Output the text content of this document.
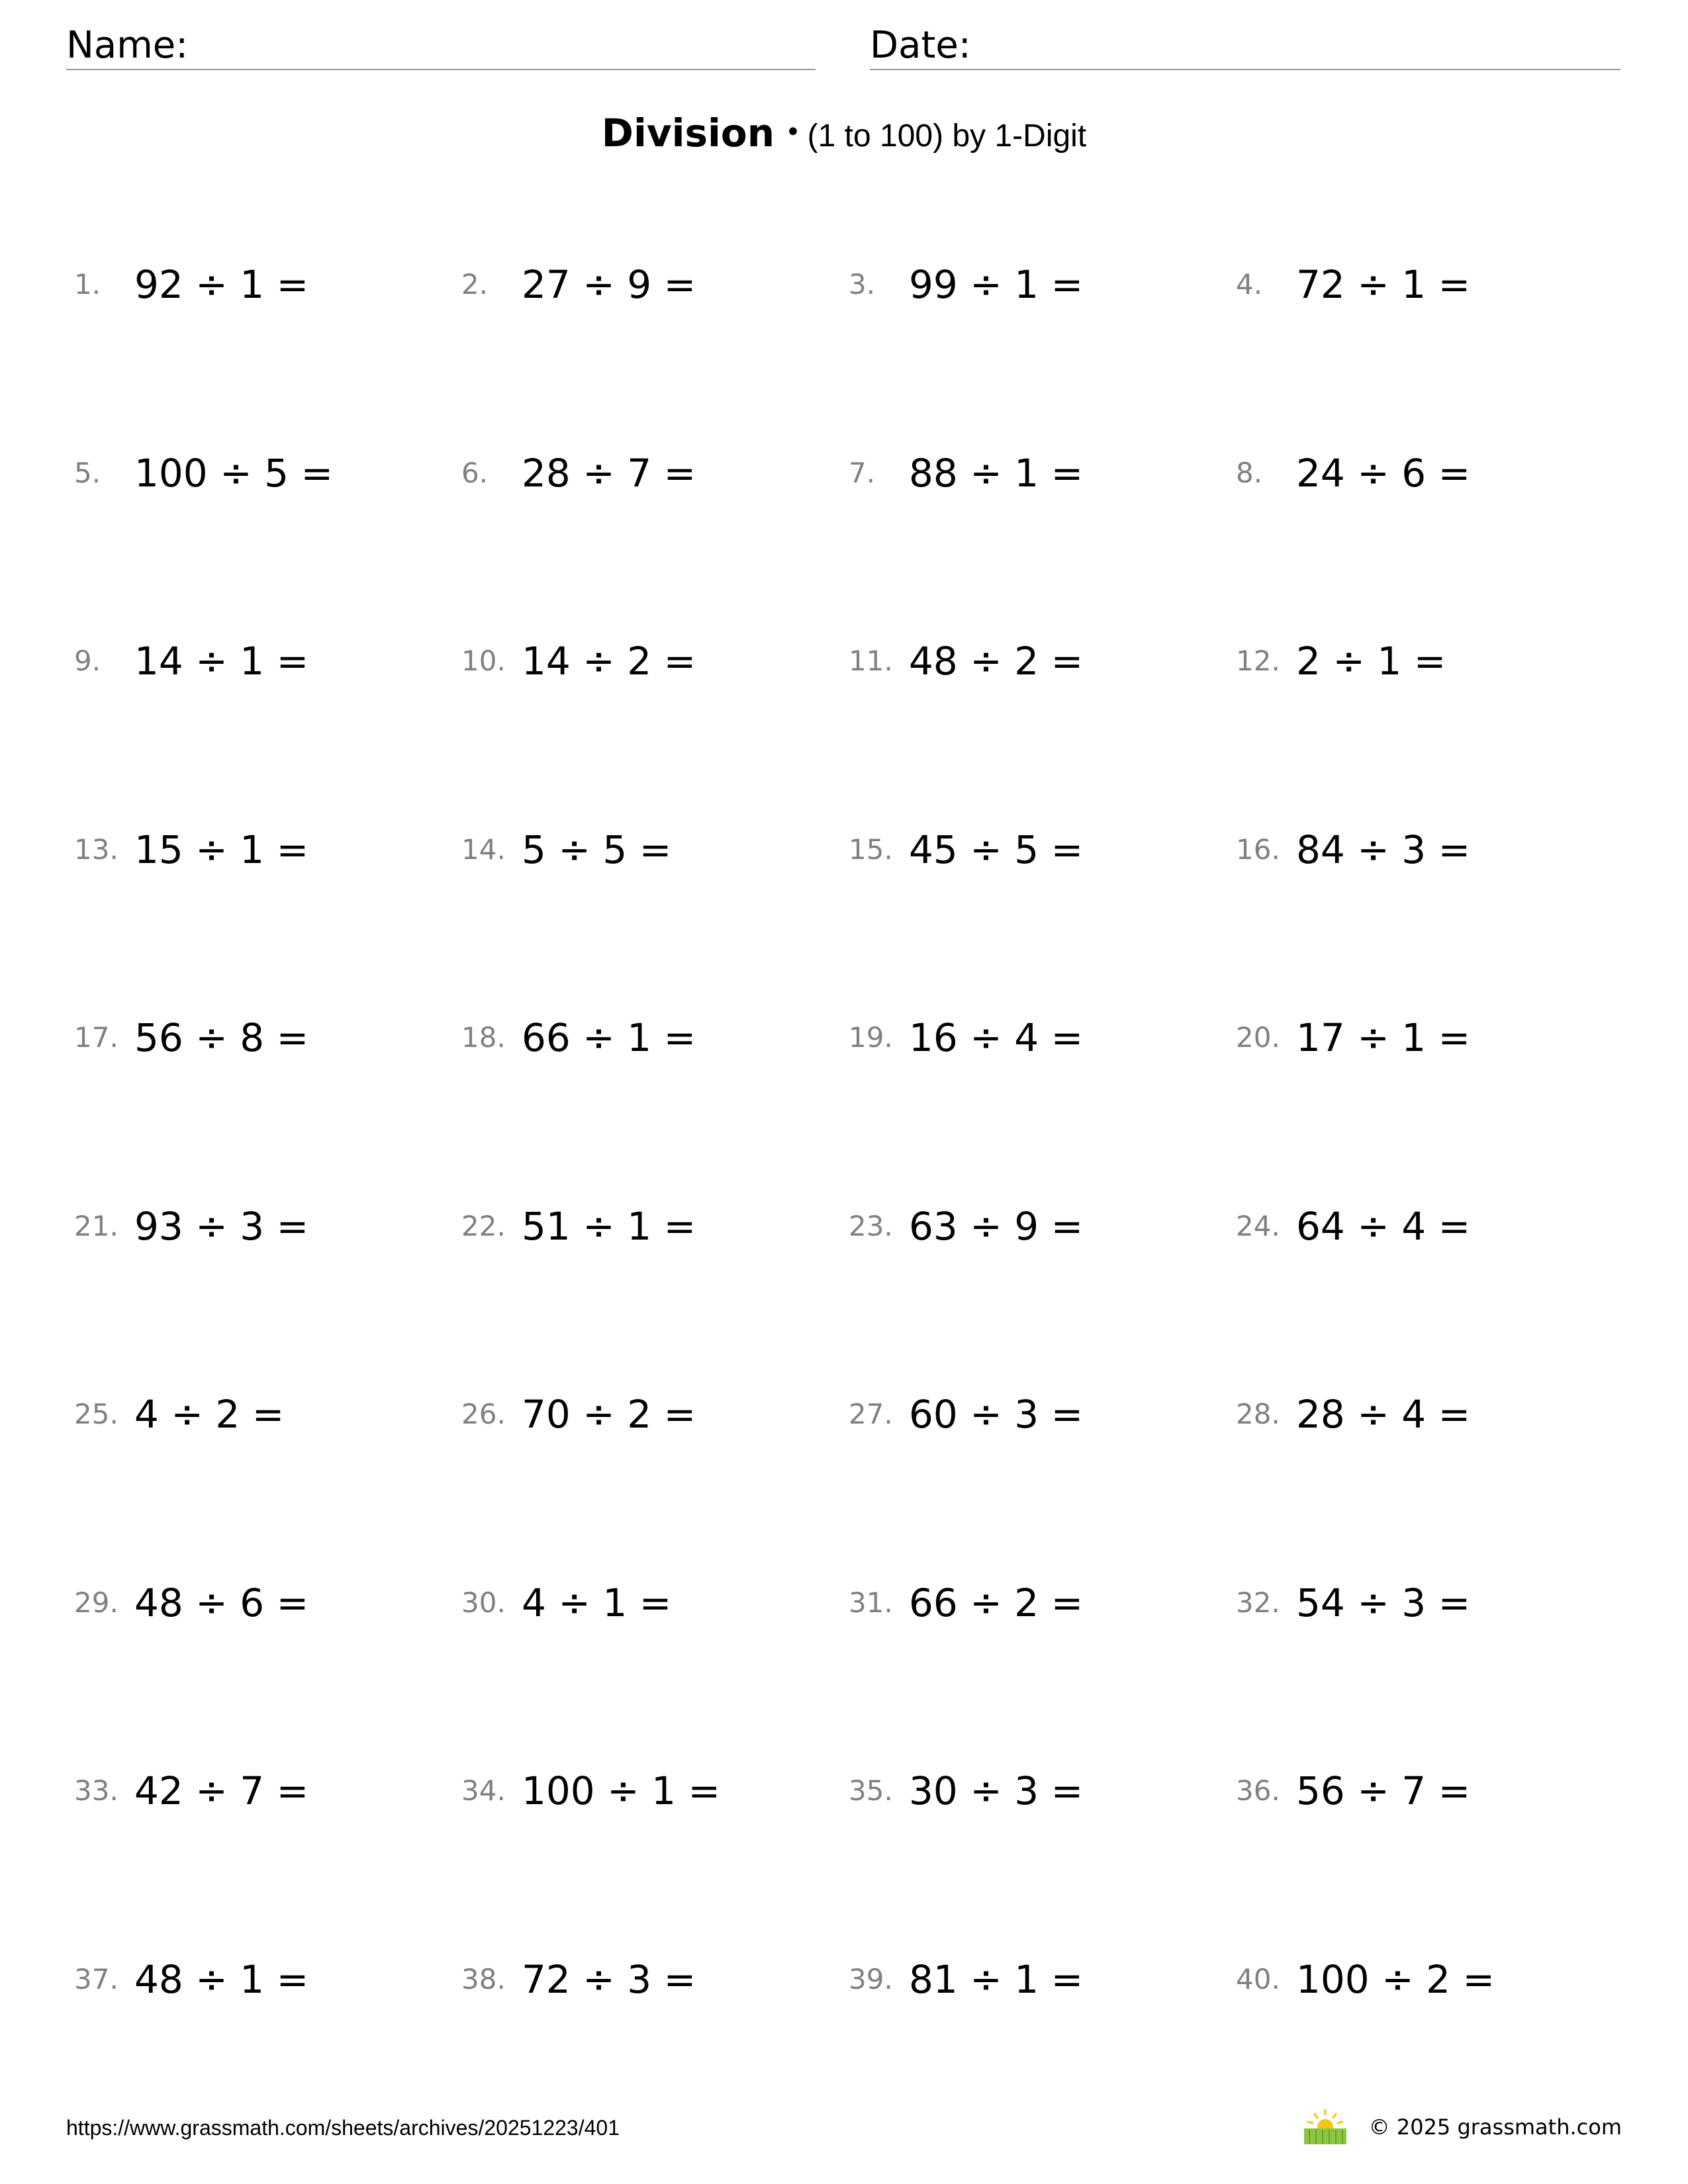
Name:	Date:
Division • (1 to 100) by 1-Digit
1. 92 ÷ 1 =	2. 27 ÷ 9 =	3. 99 ÷ 1 =	4. 72 ÷ 1 =
5. 100 ÷ 5 =	6. 28 ÷ 7 =	7. 88 ÷ 1 =	8. 24 ÷ 6 =
9. 14 ÷ 1 =	10. 14 ÷ 2 =	11. 48 ÷ 2 =	12. 2 ÷ 1 =
13. 15 ÷ 1 =	14. 5 ÷ 5 =	15. 45 ÷ 5 =	16. 84 ÷ 3 =
17. 56 ÷ 8 =	18. 66 ÷ 1 =	19. 16 ÷ 4 =	20. 17 ÷ 1 =
21. 93 ÷ 3 =	22. 51 ÷ 1 =	23. 63 ÷ 9 =	24. 64 ÷ 4 =
25. 4 ÷ 2 =	26. 70 ÷ 2 =	27. 60 ÷ 3 =	28. 28 ÷ 4 =
29. 48 ÷ 6 =	30. 4 ÷ 1 =	31. 66 ÷ 2 =	32. 54 ÷ 3 =
33. 42 ÷ 7 =	34. 100 ÷ 1 =	35. 30 ÷ 3 =	36. 56 ÷ 7 =
37. 48 ÷ 1 =	38. 72 ÷ 3 =	39. 81 ÷ 1 =	40. 100 ÷ 2 =
https://www.grassmath.com/sheets/archives/20251223/401	© 2025 grassmath.com
